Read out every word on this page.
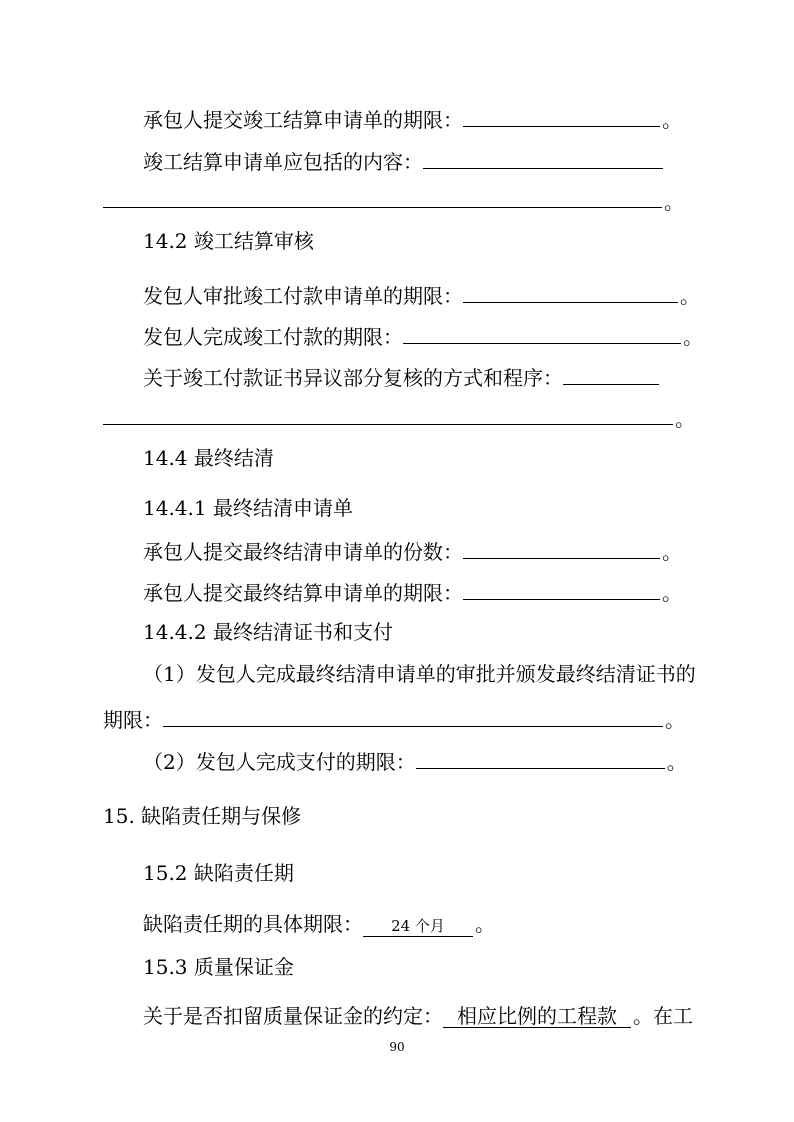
承包人提交竣工结算申请单的期限：	。
竣工结算申请单应包括的内容：
。
14.2 竣工结算审核
发包人审批竣工付款申请单的期限：	。
发包人完成竣工付款的期限：	。
关于竣工付款证书异议部分复核的方式和程序：
。
14.4 最终结清
14.4.1 最终结清申请单
承包人提交最终结清申请单的份数：	。
承包人提交最终结算申请单的期限：	。
14.4.2 最终结清证书和支付
（1）发包人完成最终结清申请单的审批并颁发最终结清证书的
期限：	。
（2）发包人完成支付的期限：	。
15. 缺陷责任期与保修
15.2 缺陷责任期
缺陷责任期的具体期限： 24 个月 。
15.3 质量保证金
关于是否扣留质量保证金的约定： 相应比例的工程款 。在工
90
